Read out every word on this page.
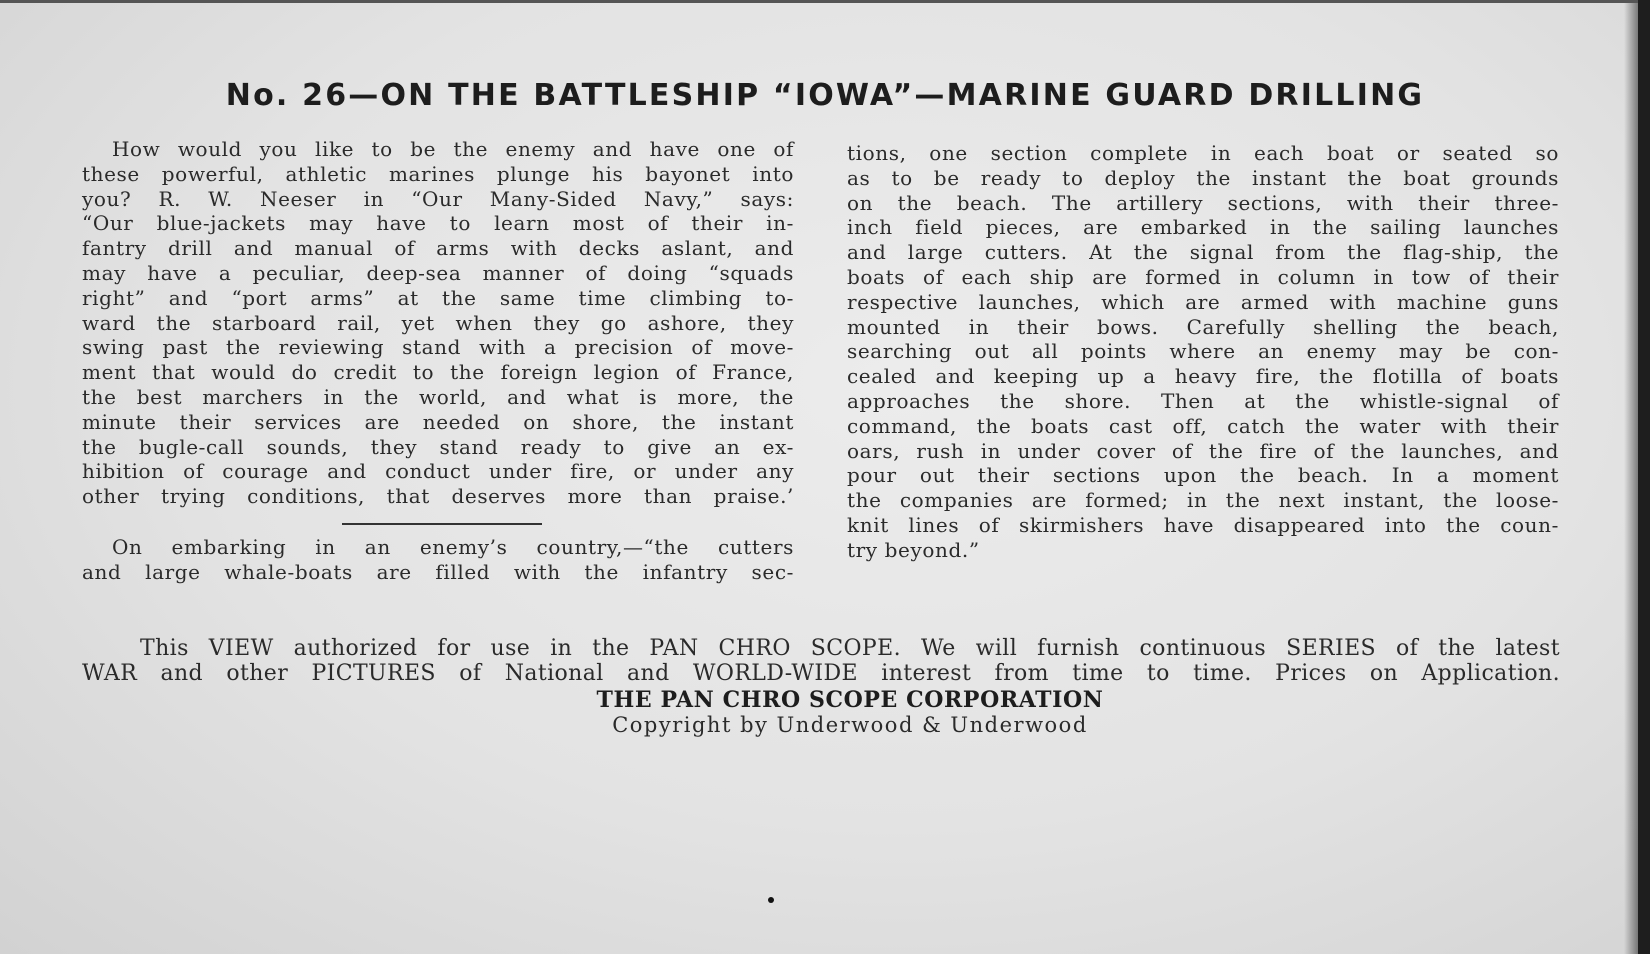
No. 26—ON THE BATTLESHIP “IOWA”—MARINE GUARD DRILLING
How would you like to be the enemy and have one of
these powerful, athletic marines plunge his bayonet into
you? R. W. Neeser in “Our Many-Sided Navy,” says:
“Our blue-jackets may have to learn most of their in-
fantry drill and manual of arms with decks aslant, and
may have a peculiar, deep-sea manner of doing “squads
right” and “port arms” at the same time climbing to-
ward the starboard rail, yet when they go ashore, they
swing past the reviewing stand with a precision of move-
ment that would do credit to the foreign legion of France,
the best marchers in the world, and what is more, the
minute their services are needed on shore, the instant
the bugle-call sounds, they stand ready to give an ex-
hibition of courage and conduct under fire, or under any
other trying conditions, that deserves more than praise.’
On embarking in an enemy’s country,—“the cutters
and large whale-boats are filled with the infantry sec-
tions, one section complete in each boat or seated so
as to be ready to deploy the instant the boat grounds
on the beach. The artillery sections, with their three-
inch field pieces, are embarked in the sailing launches
and large cutters. At the signal from the flag-ship, the
boats of each ship are formed in column in tow of their
respective launches, which are armed with machine guns
mounted in their bows. Carefully shelling the beach,
searching out all points where an enemy may be con-
cealed and keeping up a heavy fire, the flotilla of boats
approaches the shore. Then at the whistle-signal of
command, the boats cast off, catch the water with their
oars, rush in under cover of the fire of the launches, and
pour out their sections upon the beach. In a moment
the companies are formed; in the next instant, the loose-
knit lines of skirmishers have disappeared into the coun-
try beyond.”
This VIEW authorized for use in the PAN CHRO SCOPE. We will furnish continuous SERIES of the latest
WAR and other PICTURES of National and WORLD-WIDE interest from time to time. Prices on Application.
THE PAN CHRO SCOPE CORPORATION
Copyright by Underwood & Underwood
